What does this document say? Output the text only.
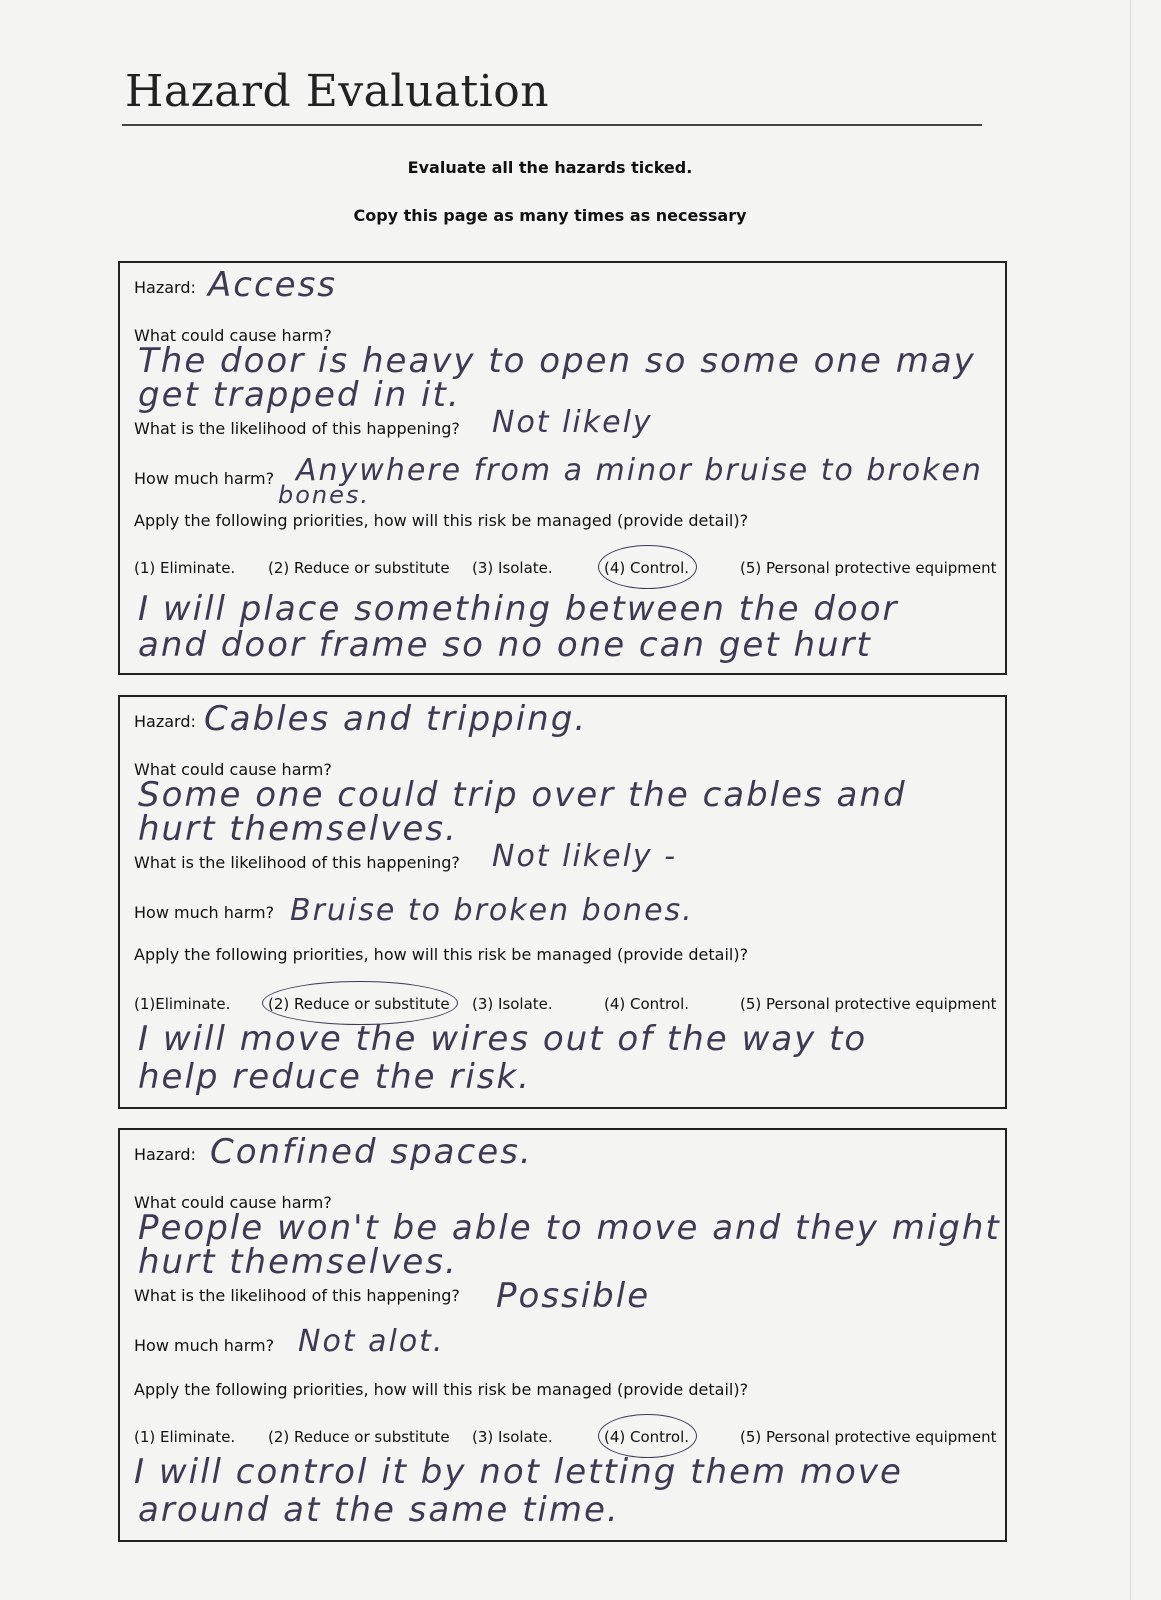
Hazard Evaluation
Evaluate all the hazards ticked.
Copy this page as many times as necessary
Hazard: Access
What could cause harm?
The door is heavy to open so some one may
get trapped in it.
What is the likelihood of this happening? Not likely
How much harm? Anywhere from a minor bruise to broken
bones.
Apply the following priorities, how will this risk be managed (provide detail)?
(1) Eliminate. (2) Reduce or substitute (3) Isolate.	(4) Control.	(5) Personal protective equipment
I will place something between the door
and door frame so no one can get hurt
Hazard: Cables and tripping.
What could cause harm?
Some one could trip over the cables and
hurt themselves.
What is the likelihood of this happening? Not likely -
How much harm? Bruise to broken bones.
Apply the following priorities, how will this risk be managed (provide detail)?
(1)Eliminate.	(2) Reduce or substitute (3) Isolate.	(4) Control.	(5) Personal protective equipment
I will move the wires out of the way to
help reduce the risk.
Hazard: Confined spaces.
What could cause harm?
People won't be able to move and they might
hurt themselves.
What is the likelihood of this happening? Possible
How much harm? Not alot.
Apply the following priorities, how will this risk be managed (provide detail)?
(1) Eliminate. (2) Reduce or substitute (3) Isolate.	(4) Control.	(5) Personal protective equipment
I will control it by not letting them move
around at the same time.
